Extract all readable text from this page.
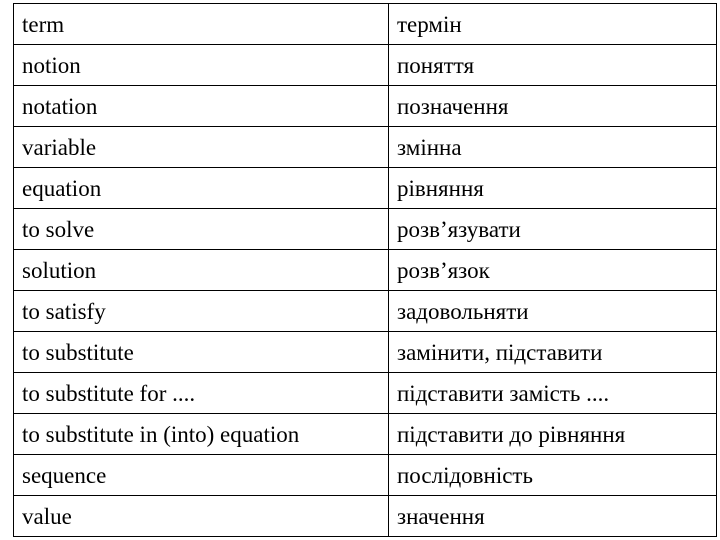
term	термін
notion	поняття
notation	позначення
variable	змінна
equation	рівняння
to solve	розв’язувати
solution	розв’язок
to satisfy	задовольняти
to substitute	замінити, підставити
to substitute for ....	підставити замість ....
to substitute in (into) equation	підставити до рівняння
sequence	послідовність
value	значення
